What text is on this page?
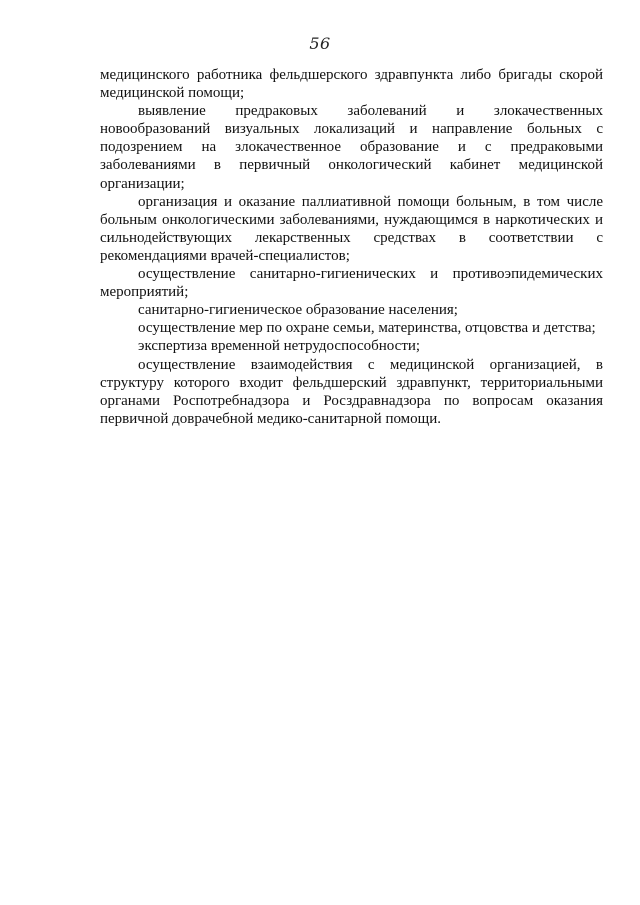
56

медицинского работника фельдшерского здравпункта либо бригады скорой медицинской помощи;

выявление предраковых заболеваний и злокачественных новообразований визуальных локализаций и направление больных с подозрением на злокачественное образование и с предраковыми заболеваниями в первичный онкологический кабинет медицинской организации;

организация и оказание паллиативной помощи больным, в том числе больным онкологическими заболеваниями, нуждающимся в наркотических и сильнодействующих лекарственных средствах в соответствии с рекомендациями врачей-специалистов;

осуществление санитарно-гигиенических и противоэпидемических мероприятий;

санитарно-гигиеническое образование населения;

осуществление мер по охране семьи, материнства, отцовства и детства;

экспертиза временной нетрудоспособности;

осуществление взаимодействия с медицинской организацией, в структуру которого входит фельдшерский здравпункт, территориальными органами Роспотребнадзора и Росздравнадзора по вопросам оказания первичной доврачебной медико-санитарной помощи.
